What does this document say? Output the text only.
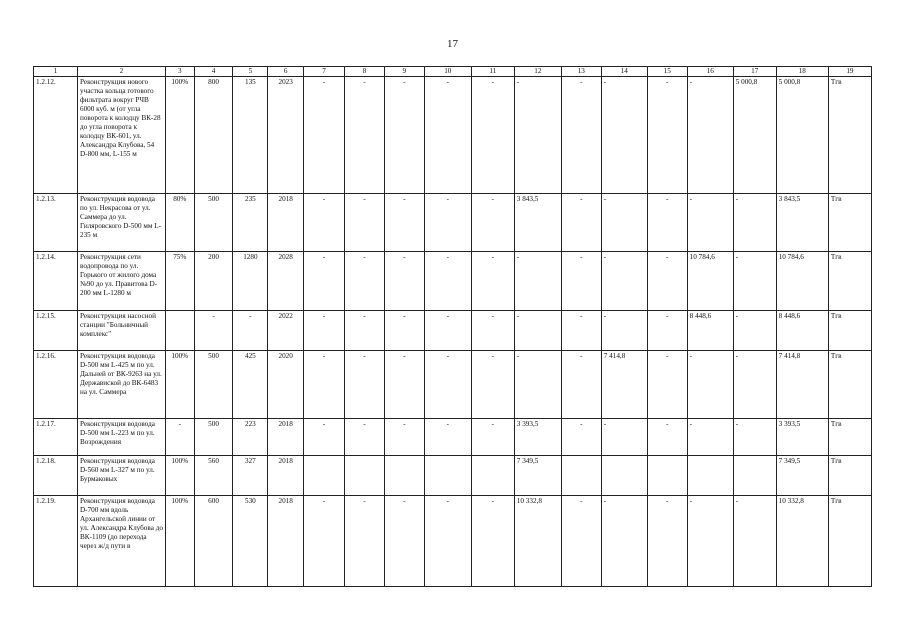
17
1	2	3	4	5	6	7	8	9	10	11	12	13	14	15	16	17	18	19
1.2.12.	Реконструкция нового участка кольца готового фильтрата вокруг РЧВ 6000 куб. м (от угла поворота к колодцу ВК-28 до угла поворота к колодцу ВК-601, ул. Александра Клубова, 54 D-800 мм, L-155 м	100%	800	135	2023	-	-	-	-	-	-	-	-	-	-	5 000,8	5 000,8	Тгв
1.2.13.	Реконструкция водовода по ул. Некрасова от ул. Саммера до ул. Гиляровского D-500 мм L-235 м	80%	500	235	2018	-	-	-	-	-	3 843,5	-	-	-	-	-	3 843,5	Тгв
1.2.14.	Реконструкция сети водопровода по ул. Горького от жилого дома №90 до ул. Правитова D-200 мм L-1280 м	75%	200	1280	2028	-	-	-	-	-	-	-	-	-	10 784,6	-	10 784,6	Тгв
1.2.15.	Реконструкция насосной станции "Больничный комплекс"		-	-	2022	-	-	-	-	-	-	-	-	-	8 448,6	-	8 448,6	Тгв
1.2.16.	Реконструкция водовода D-500 мм L-425 м по ул. Дальней от ВК-9263 на ул. Державиской до ВК-6483 на ул. Саммера	100%	500	425	2020	-	-	-	-	-	-	-	7 414,8	-	-	-	7 414,8	Тгв
1.2.17.	Реконструкция водовода D-500 мм L-223 м по ул. Возрождения	-	500	223	2018	-	-	-	-	-	3 393,5	-	-	-	-	-	3 393,5	Тгв
1.2.18.	Реконструкция водовода D-560 мм L-327 м по ул. Бурмаковых	100%	560	327	2018						7 349,5						7 349,5	Тгв
1.2.19.	Реконструкция водовода D-700 мм вдоль Архангельской линии от ул. Александра Клубова до ВК-1109 (до перехода через ж/д пути в	100%	600	530	2018	-	-	-	-	-	10 332,8	-	-	-	-	-	10 332,8	Тгв
